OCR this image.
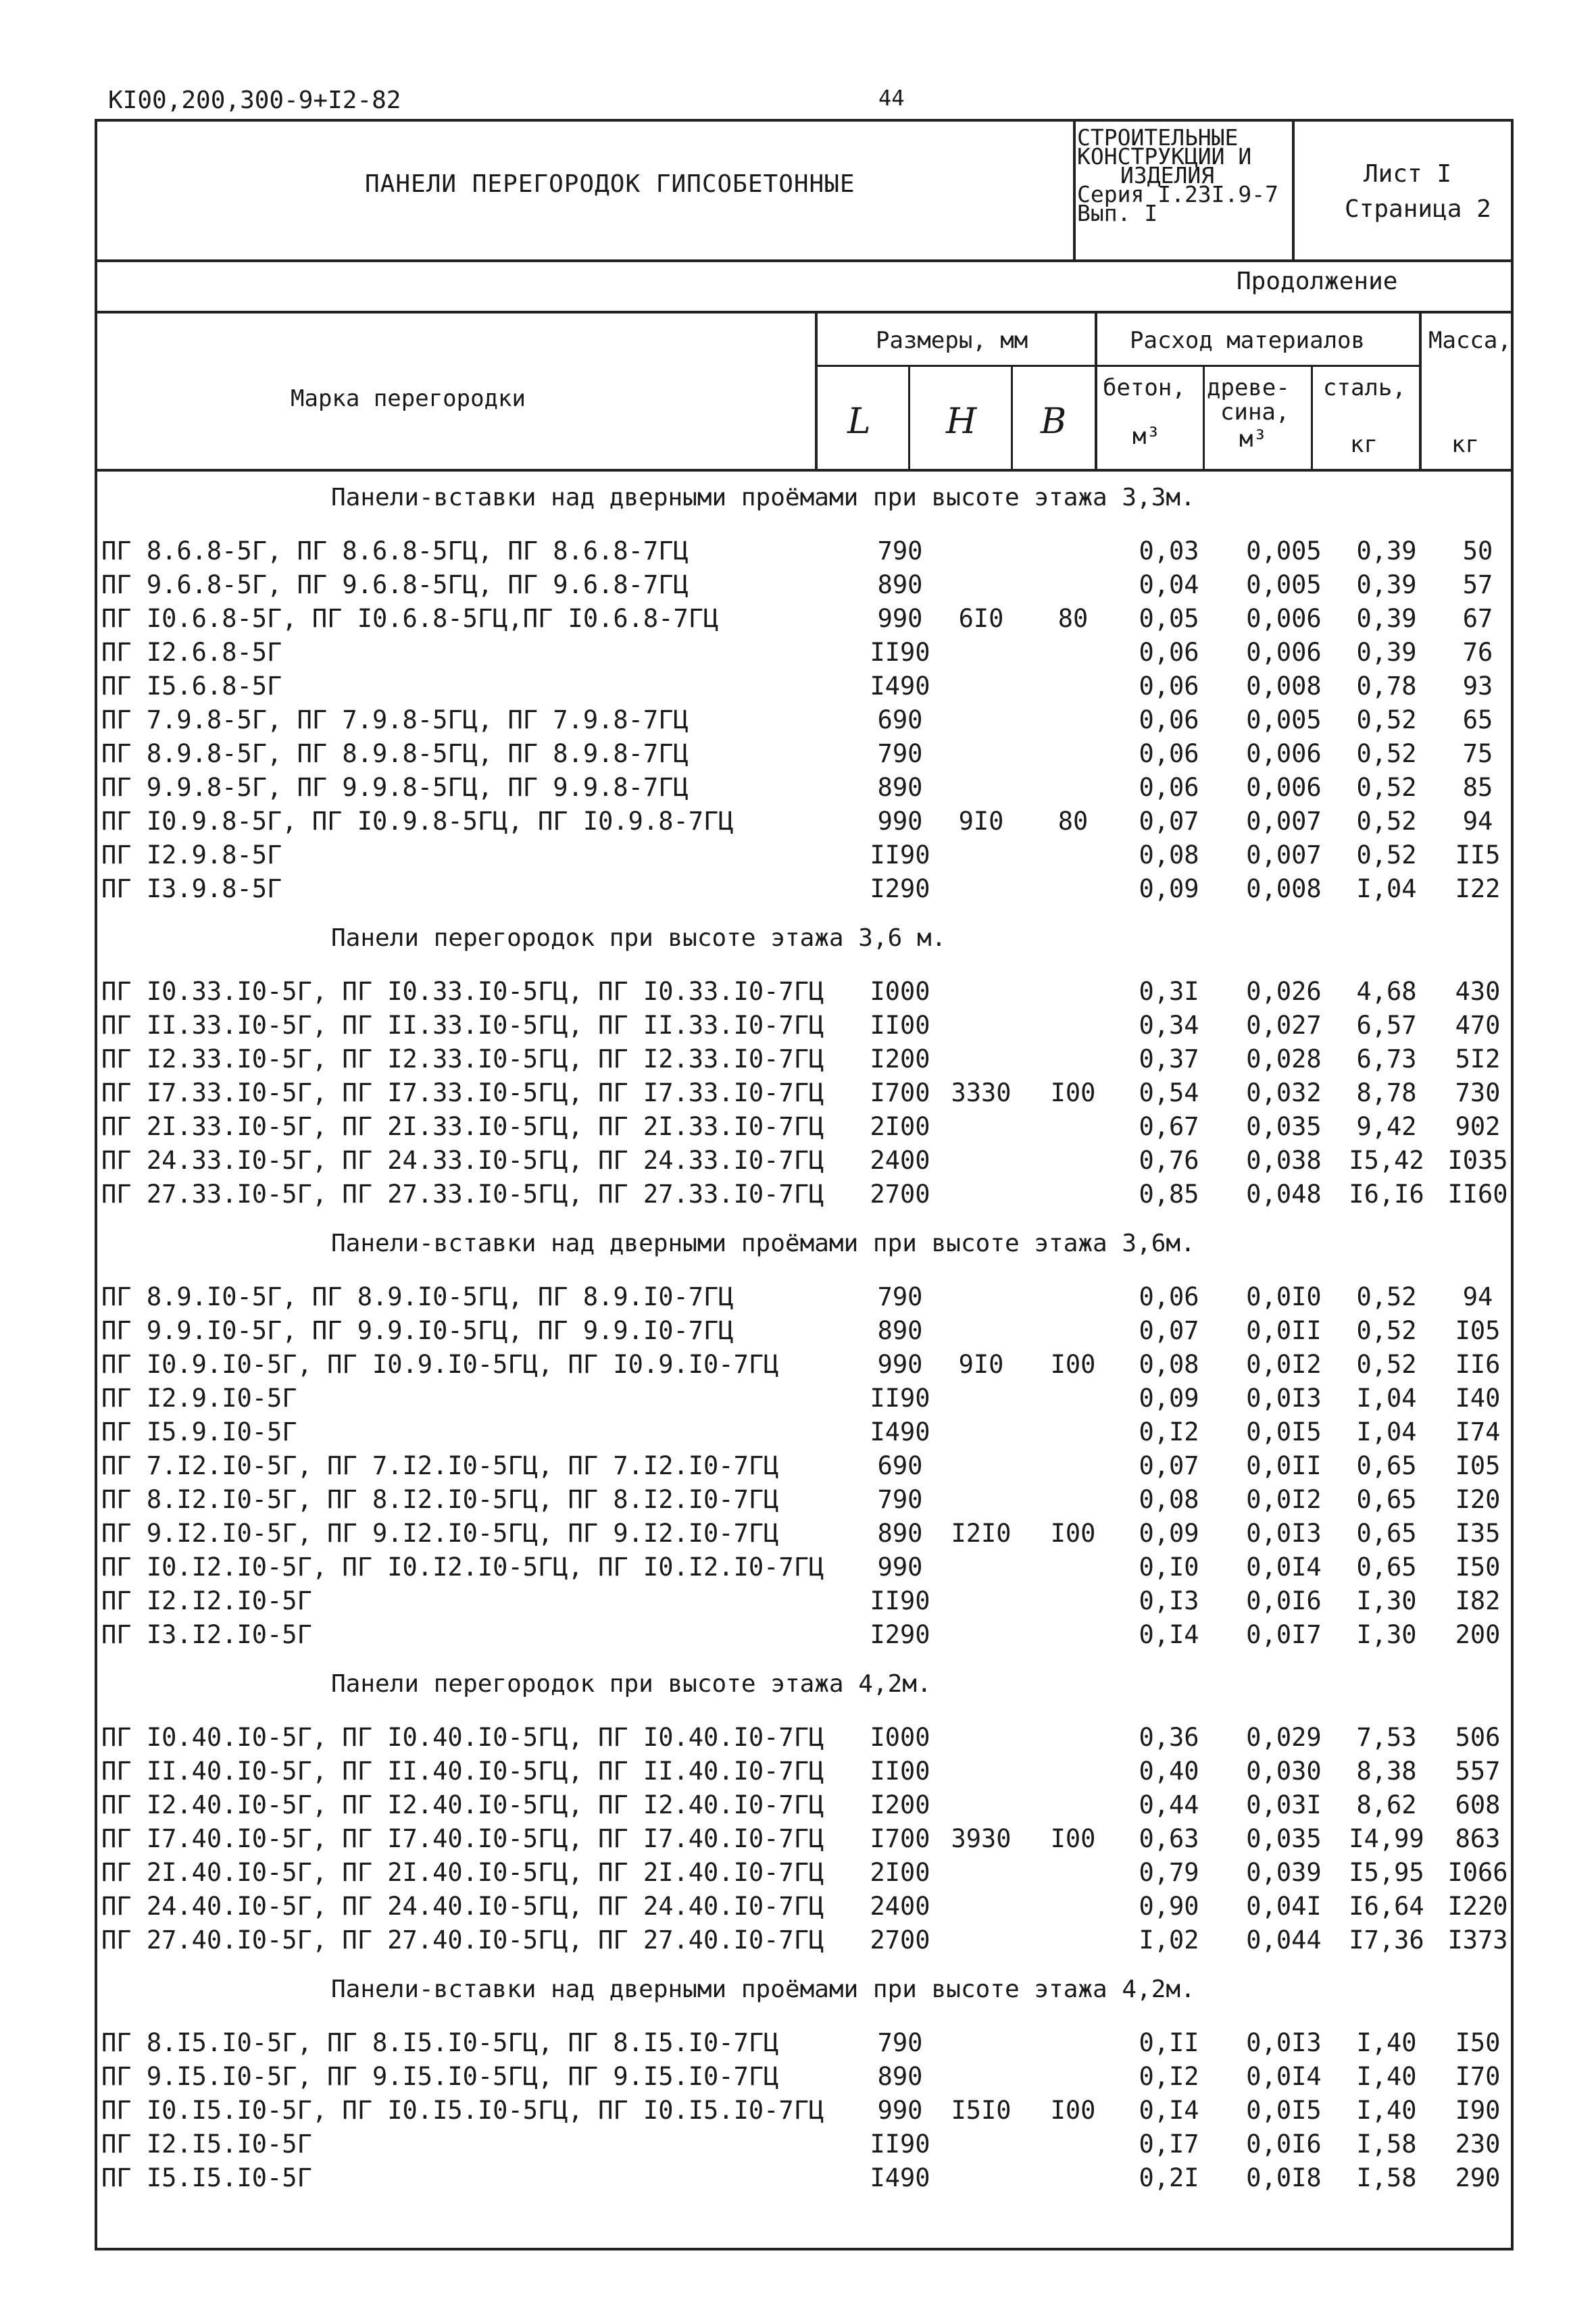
КI00,200,300-9+I2-82	44
ПАНЕЛИ ПЕРЕГОРОДОК ГИПСОБЕТОННЫЕ
СТРОИТЕЛЬНЫЕ
КОНСТРУКЦИИ И
ИЗДЕЛИЯ
Серия I.23I.9-7
Вып. I
Лист I
Страница 2
Продолжение
Марка перегородки
Размеры, мм
L H B
Расход материалов	Масса,
бетон,
м³
древе-
сина,
м³
сталь,
кг	кг
Панели-вставки над дверными проёмами при высоте этажа 3,3м.
ПГ 8.6.8-5Г, ПГ 8.6.8-5ГЦ, ПГ 8.6.8-7ГЦ	790	0,03	0,005	0,39	50
ПГ 9.6.8-5Г, ПГ 9.6.8-5ГЦ, ПГ 9.6.8-7ГЦ	890	0,04	0,005	0,39	57
ПГ I0.6.8-5Г, ПГ I0.6.8-5ГЦ,ПГ I0.6.8-7ГЦ	990	6I0	80	0,05	0,006	0,39	67
ПГ I2.6.8-5Г	II90	0,06	0,006	0,39	76
ПГ I5.6.8-5Г	I490	0,06	0,008	0,78	93
ПГ 7.9.8-5Г, ПГ 7.9.8-5ГЦ, ПГ 7.9.8-7ГЦ	690	0,06	0,005	0,52	65
ПГ 8.9.8-5Г, ПГ 8.9.8-5ГЦ, ПГ 8.9.8-7ГЦ	790	0,06	0,006	0,52	75
ПГ 9.9.8-5Г, ПГ 9.9.8-5ГЦ, ПГ 9.9.8-7ГЦ	890	0,06	0,006	0,52	85
ПГ I0.9.8-5Г, ПГ I0.9.8-5ГЦ, ПГ I0.9.8-7ГЦ	990	9I0	80	0,07	0,007	0,52	94
ПГ I2.9.8-5Г	II90	0,08	0,007	0,52	II5
ПГ I3.9.8-5Г	I290	0,09	0,008	I,04	I22
Панели перегородок при высоте этажа 3,6 м.
ПГ I0.33.I0-5Г, ПГ I0.33.I0-5ГЦ, ПГ I0.33.I0-7ГЦ	I000	0,3I	0,026	4,68	430
ПГ II.33.I0-5Г, ПГ II.33.I0-5ГЦ, ПГ II.33.I0-7ГЦ	II00	0,34	0,027	6,57	470
ПГ I2.33.I0-5Г, ПГ I2.33.I0-5ГЦ, ПГ I2.33.I0-7ГЦ	I200	0,37	0,028	6,73	5I2
ПГ I7.33.I0-5Г, ПГ I7.33.I0-5ГЦ, ПГ I7.33.I0-7ГЦ	I700 3330	I00	0,54	0,032	8,78	730
ПГ 2I.33.I0-5Г, ПГ 2I.33.I0-5ГЦ, ПГ 2I.33.I0-7ГЦ	2I00	0,67	0,035	9,42	902
ПГ 24.33.I0-5Г, ПГ 24.33.I0-5ГЦ, ПГ 24.33.I0-7ГЦ	2400	0,76	0,038	I5,42 I035
ПГ 27.33.I0-5Г, ПГ 27.33.I0-5ГЦ, ПГ 27.33.I0-7ГЦ	2700	0,85	0,048	I6,I6 II60
Панели-вставки над дверными проёмами при высоте этажа 3,6м.
ПГ 8.9.I0-5Г, ПГ 8.9.I0-5ГЦ, ПГ 8.9.I0-7ГЦ	790	0,06	0,0I0	0,52	94
ПГ 9.9.I0-5Г, ПГ 9.9.I0-5ГЦ, ПГ 9.9.I0-7ГЦ	890	0,07	0,0II	0,52	I05
ПГ I0.9.I0-5Г, ПГ I0.9.I0-5ГЦ, ПГ I0.9.I0-7ГЦ	990	9I0	I00	0,08	0,0I2	0,52	II6
ПГ I2.9.I0-5Г	II90	0,09	0,0I3	I,04	I40
ПГ I5.9.I0-5Г	I490	0,I2	0,0I5	I,04	I74
ПГ 7.I2.I0-5Г, ПГ 7.I2.I0-5ГЦ, ПГ 7.I2.I0-7ГЦ	690	0,07	0,0II	0,65	I05
ПГ 8.I2.I0-5Г, ПГ 8.I2.I0-5ГЦ, ПГ 8.I2.I0-7ГЦ	790	0,08	0,0I2	0,65	I20
ПГ 9.I2.I0-5Г, ПГ 9.I2.I0-5ГЦ, ПГ 9.I2.I0-7ГЦ	890	I2I0	I00	0,09	0,0I3	0,65	I35
ПГ I0.I2.I0-5Г, ПГ I0.I2.I0-5ГЦ, ПГ I0.I2.I0-7ГЦ	990	0,I0	0,0I4	0,65	I50
ПГ I2.I2.I0-5Г	II90	0,I3	0,0I6	I,30	I82
ПГ I3.I2.I0-5Г	I290	0,I4	0,0I7	I,30	200
Панели перегородок при высоте этажа 4,2м.
ПГ I0.40.I0-5Г, ПГ I0.40.I0-5ГЦ, ПГ I0.40.I0-7ГЦ	I000	0,36	0,029	7,53	506
ПГ II.40.I0-5Г, ПГ II.40.I0-5ГЦ, ПГ II.40.I0-7ГЦ	II00	0,40	0,030	8,38	557
ПГ I2.40.I0-5Г, ПГ I2.40.I0-5ГЦ, ПГ I2.40.I0-7ГЦ	I200	0,44	0,03I	8,62	608
ПГ I7.40.I0-5Г, ПГ I7.40.I0-5ГЦ, ПГ I7.40.I0-7ГЦ	I700 3930	I00	0,63	0,035	I4,99	863
ПГ 2I.40.I0-5Г, ПГ 2I.40.I0-5ГЦ, ПГ 2I.40.I0-7ГЦ	2I00	0,79	0,039	I5,95 I066
ПГ 24.40.I0-5Г, ПГ 24.40.I0-5ГЦ, ПГ 24.40.I0-7ГЦ	2400	0,90	0,04I	I6,64 I220
ПГ 27.40.I0-5Г, ПГ 27.40.I0-5ГЦ, ПГ 27.40.I0-7ГЦ	2700	I,02	0,044	I7,36 I373
Панели-вставки над дверными проёмами при высоте этажа 4,2м.
ПГ 8.I5.I0-5Г, ПГ 8.I5.I0-5ГЦ, ПГ 8.I5.I0-7ГЦ	790	0,II	0,0I3	I,40	I50
ПГ 9.I5.I0-5Г, ПГ 9.I5.I0-5ГЦ, ПГ 9.I5.I0-7ГЦ	890	0,I2	0,0I4	I,40	I70
ПГ I0.I5.I0-5Г, ПГ I0.I5.I0-5ГЦ, ПГ I0.I5.I0-7ГЦ	990	I5I0	I00	0,I4	0,0I5	I,40	I90
ПГ I2.I5.I0-5Г	II90	0,I7	0,0I6	I,58	230
ПГ I5.I5.I0-5Г	I490	0,2I	0,0I8	I,58	290
